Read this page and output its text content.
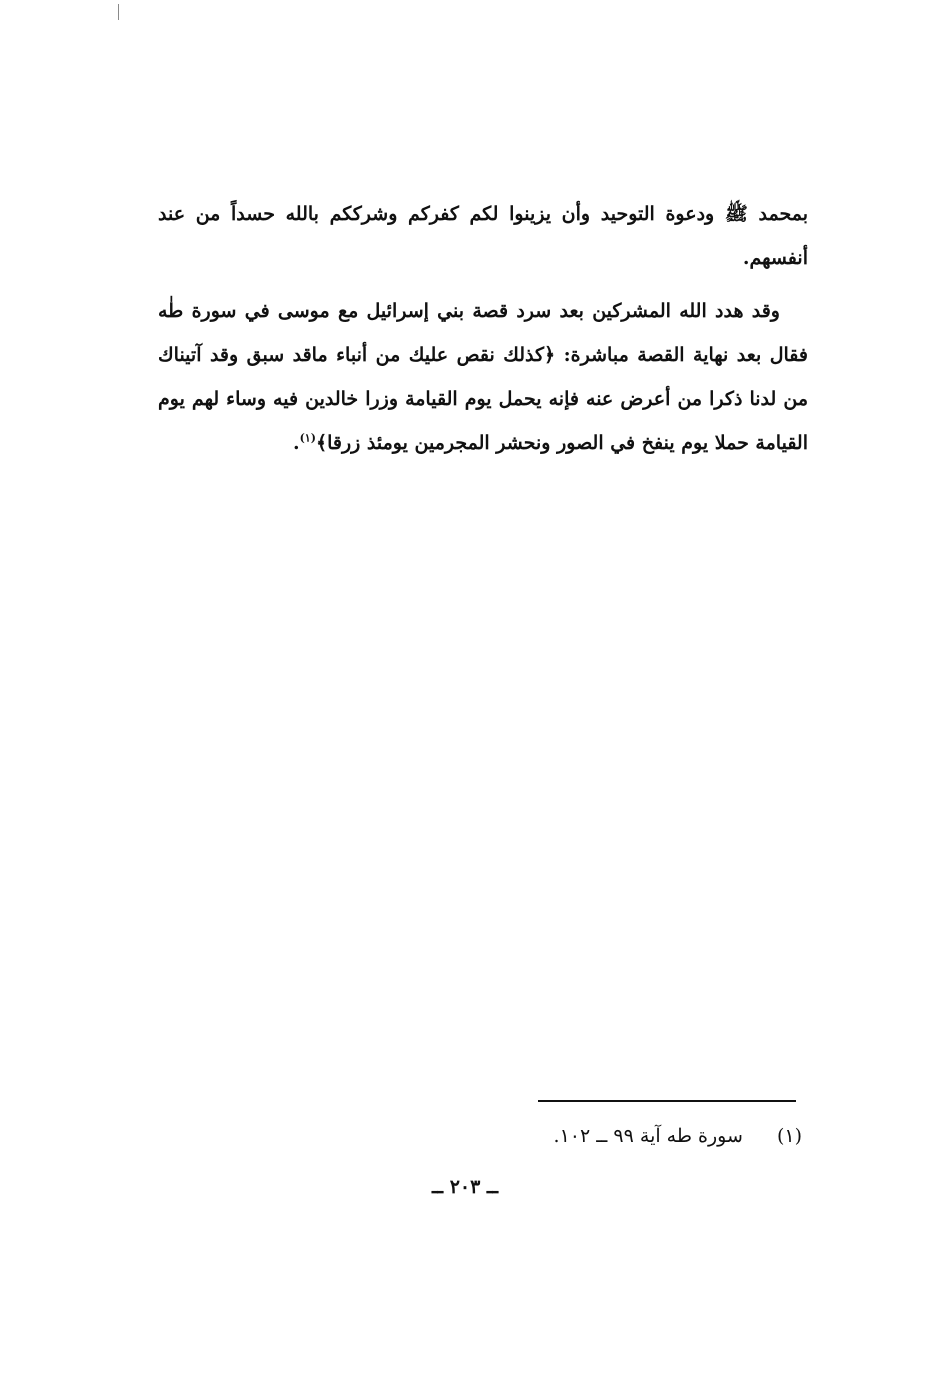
بمحمد ﷺ ودعوة التوحيد وأن يزينوا لكم كفركم وشرككم بالله حسداً من عند أنفسهم.

وقد هدد الله المشركين بعد سرد قصة بني إسرائيل مع موسى في سورة طٰه فقال بعد نهاية القصة مباشرة: ﴿كذلك نقص عليك من أنباء ماقد سبق وقد آتيناك من لدنا ذكرا من أعرض عنه فإنه يحمل يوم القيامة وزرا خالدين فيه وساء لهم يوم القيامة حملا يوم ينفخ في الصور ونحشر المجرمين يومئذ زرقا﴾$^{(١)}$.

(١) سورة طه آية ٩٩ ــ ١٠٢.
ــ ٢٠٣ ــ
